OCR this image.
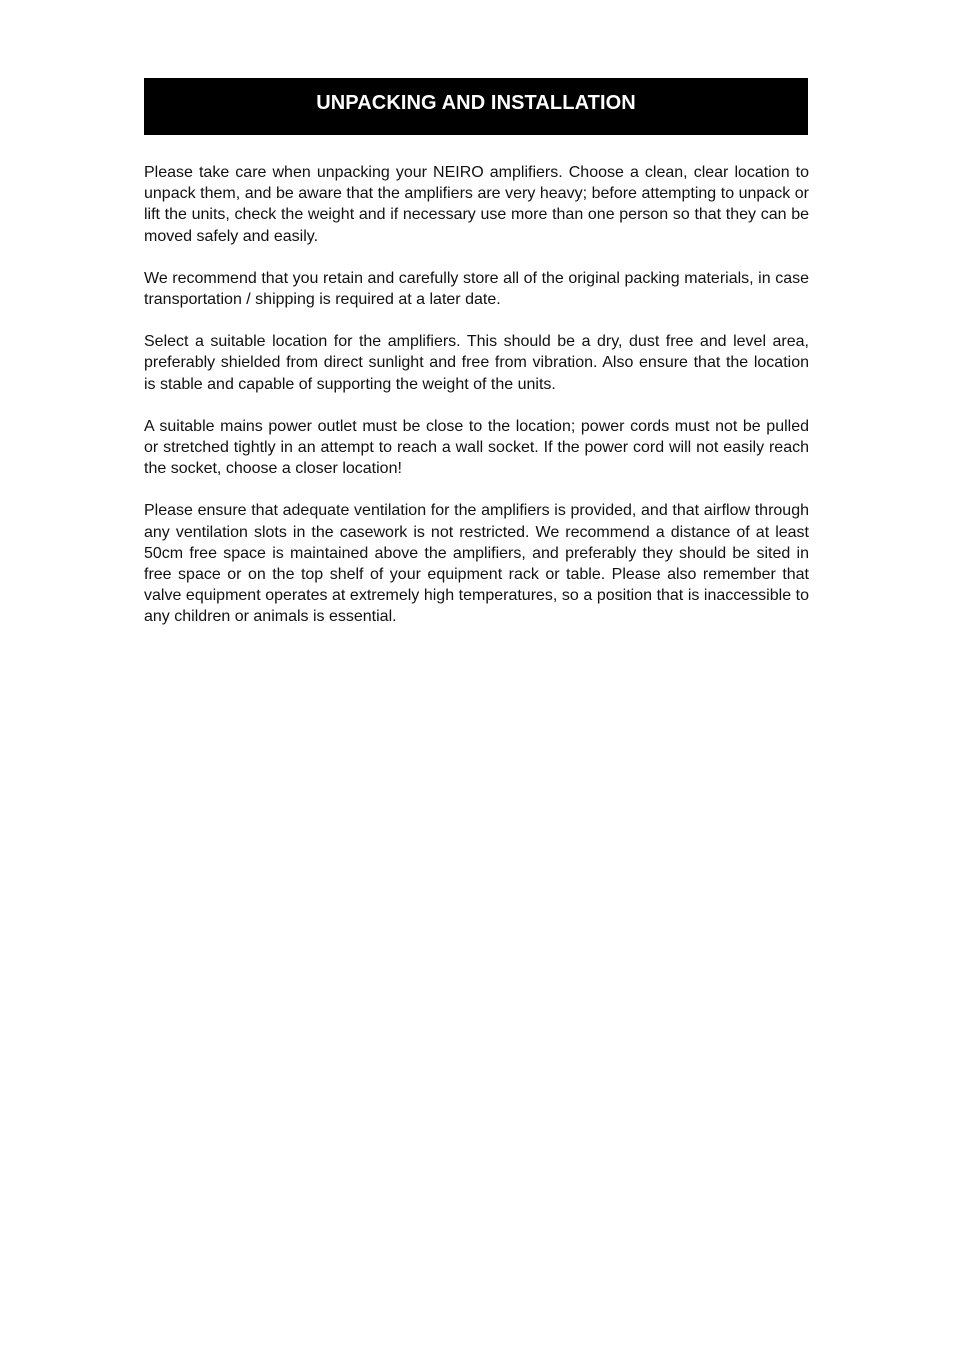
UNPACKING AND INSTALLATION

Please take care when unpacking your NEIRO amplifiers. Choose a clean, clear location to unpack them, and be aware that the amplifiers are very heavy; before attempting to unpack or lift the units, check the weight and if necessary use more than one person so that they can be moved safely and easily.

We recommend that you retain and carefully store all of the original packing materials, in case transportation / shipping is required at a later date.

Select a suitable location for the amplifiers. This should be a dry, dust free and level area, preferably shielded from direct sunlight and free from vibration. Also ensure that the location is stable and capable of supporting the weight of the units.

A suitable mains power outlet must be close to the location; power cords must not be pulled or stretched tightly in an attempt to reach a wall socket. If the power cord will not easily reach the socket, choose a closer location!

Please ensure that adequate ventilation for the amplifiers is provided, and that airflow through any ventilation slots in the casework is not restricted. We recommend a distance of at least 50cm free space is maintained above the amplifiers, and preferably they should be sited in free space or on the top shelf of your equipment rack or table. Please also remember that valve equipment operates at extremely high temperatures, so a position that is inaccessible to any children or animals is essential.
